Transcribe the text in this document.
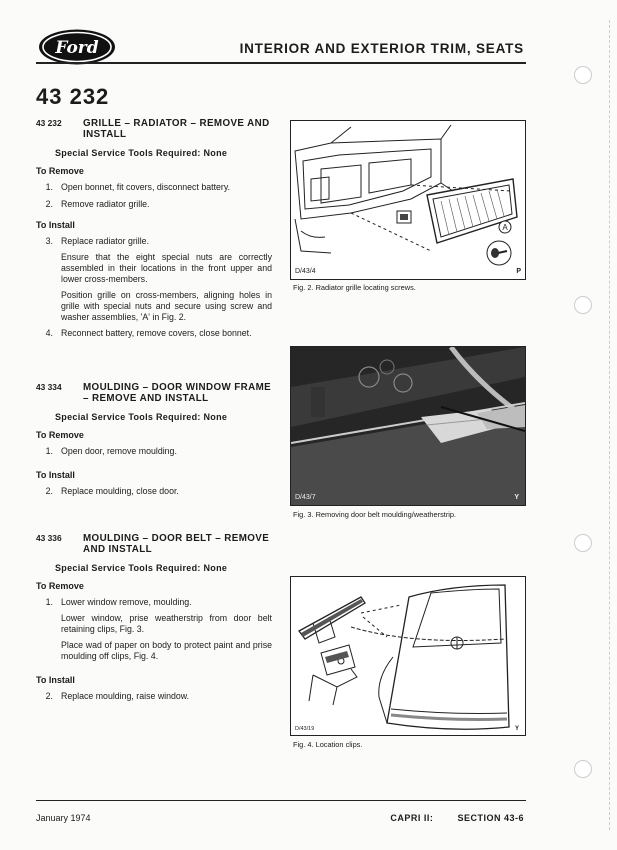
Ford	INTERIOR AND EXTERIOR TRIM, SEATS
43 232
43 232	GRILLE – RADIATOR – REMOVE AND INSTALL
Special Service Tools Required: None
To Remove
1. Open bonnet, fit covers, disconnect battery.
2. Remove radiator grille.
To Install
3. Replace radiator grille.
Ensure that the eight special nuts are correctly assembled in their locations in the front upper and lower cross-members.
Position grille on cross-members, aligning holes in grille with special nuts and secure using screw and washer assemblies, 'A' in Fig. 2.
4. Reconnect battery, remove covers, close bonnet.
43 334	MOULDING – DOOR WINDOW FRAME – REMOVE AND INSTALL
Special Service Tools Required: None
To Remove
1. Open door, remove moulding.
To Install
2. Replace moulding, close door.
43 336	MOULDING – DOOR BELT – REMOVE AND INSTALL
Special Service Tools Required: None
To Remove
1. Lower window remove, moulding.
Lower window, prise weatherstrip from door belt retaining clips, Fig. 3.
Place wad of paper on body to protect paint and prise moulding off clips, Fig. 4.
To Install
2. Replace moulding, raise window.
A
D/43/4	P
Fig. 2. Radiator grille locating screws.
D/43/7	Y
Fig. 3. Removing door belt moulding/weatherstrip.
D/43/19	Y
Fig. 4. Location clips.
January 1974	CAPRI II:	SECTION 43-6
